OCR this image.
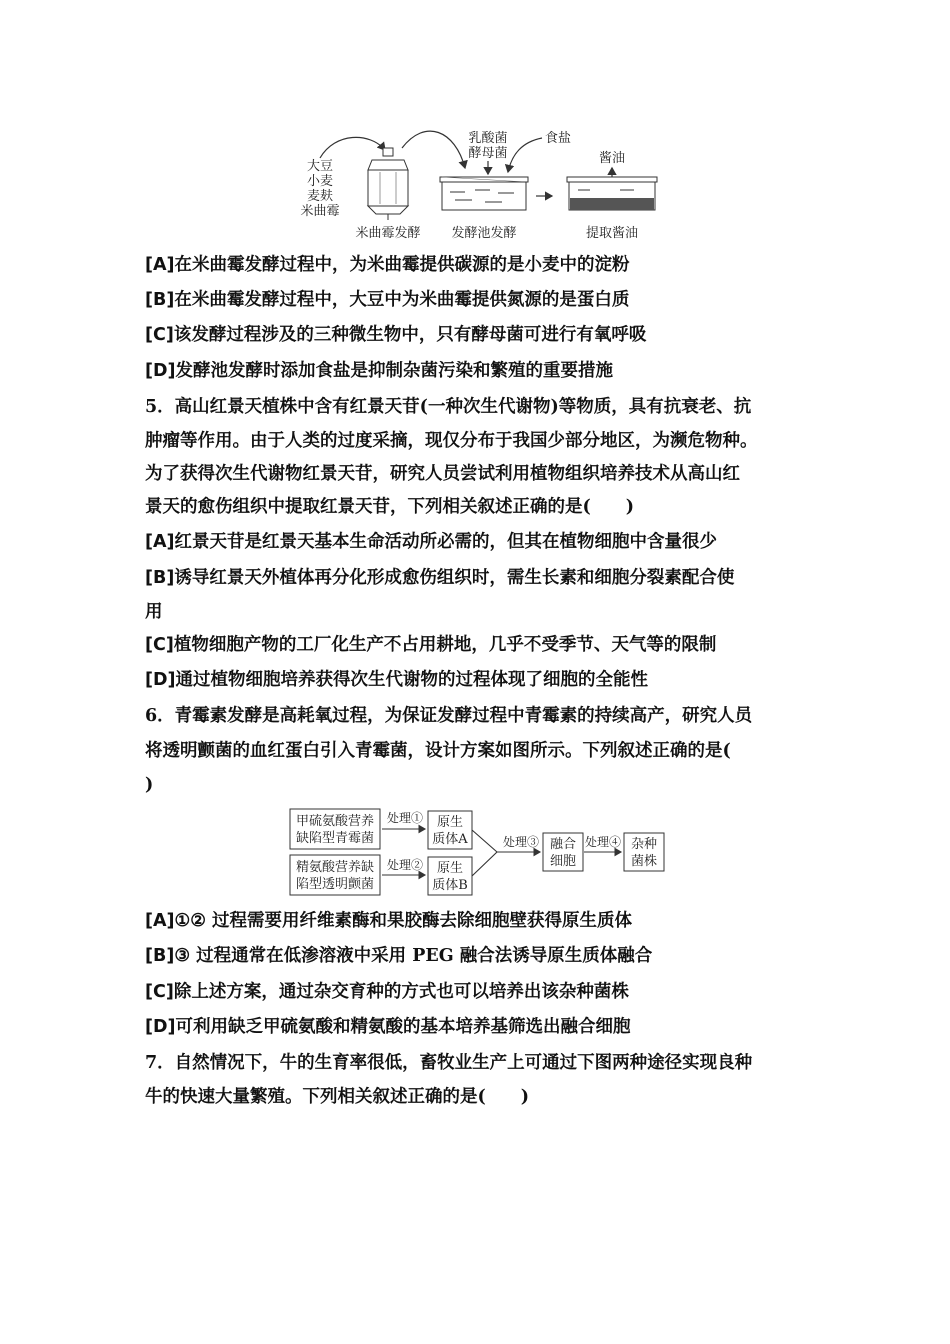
大豆
小麦
麦麸
米曲霉
米曲霉发酵
乳酸菌
酵母菌
食盐
发酵池发酵
酱油
提取酱油
[A]在米曲霉发酵过程中，为米曲霉提供碳源的是小麦中的淀粉
[B]在米曲霉发酵过程中，大豆中为米曲霉提供氮源的是蛋白质
[C]该发酵过程涉及的三种微生物中，只有酵母菌可进行有氧呼吸
[D]发酵池发酵时添加食盐是抑制杂菌污染和繁殖的重要措施
5．高山红景天植株中含有红景天苷(一种次生代谢物)等物质，具有抗衰老、抗
肿瘤等作用。由于人类的过度采摘，现仅分布于我国少部分地区，为濒危物种。
为了获得次生代谢物红景天苷，研究人员尝试利用植物组织培养技术从高山红
景天的愈伤组织中提取红景天苷，下列相关叙述正确的是(　　)
[A]红景天苷是红景天基本生命活动所必需的，但其在植物细胞中含量很少
[B]诱导红景天外植体再分化形成愈伤组织时，需生长素和细胞分裂素配合使
用
[C]植物细胞产物的工厂化生产不占用耕地，几乎不受季节、天气等的限制
[D]通过植物细胞培养获得次生代谢物的过程体现了细胞的全能性
6．青霉素发酵是高耗氧过程，为保证发酵过程中青霉素的持续高产，研究人员
将透明颤菌的血红蛋白引入青霉菌，设计方案如图所示。下列叙述正确的是(
)
甲硫氨酸营养
缺陷型青霉菌
精氨酸营养缺
陷型透明颤菌
处理①
处理②
原生
质体A
原生
质体B
处理③ 融合
细胞
处理④ 杂种
菌株
[A]①② 过程需要用纤维素酶和果胶酶去除细胞壁获得原生质体
[B]③ 过程通常在低渗溶液中采用 PEG 融合法诱导原生质体融合
[C]除上述方案，通过杂交育种的方式也可以培养出该杂种菌株
[D]可利用缺乏甲硫氨酸和精氨酸的基本培养基筛选出融合细胞
7．自然情况下，牛的生育率很低，畜牧业生产上可通过下图两种途径实现良种
牛的快速大量繁殖。下列相关叙述正确的是(　　)
